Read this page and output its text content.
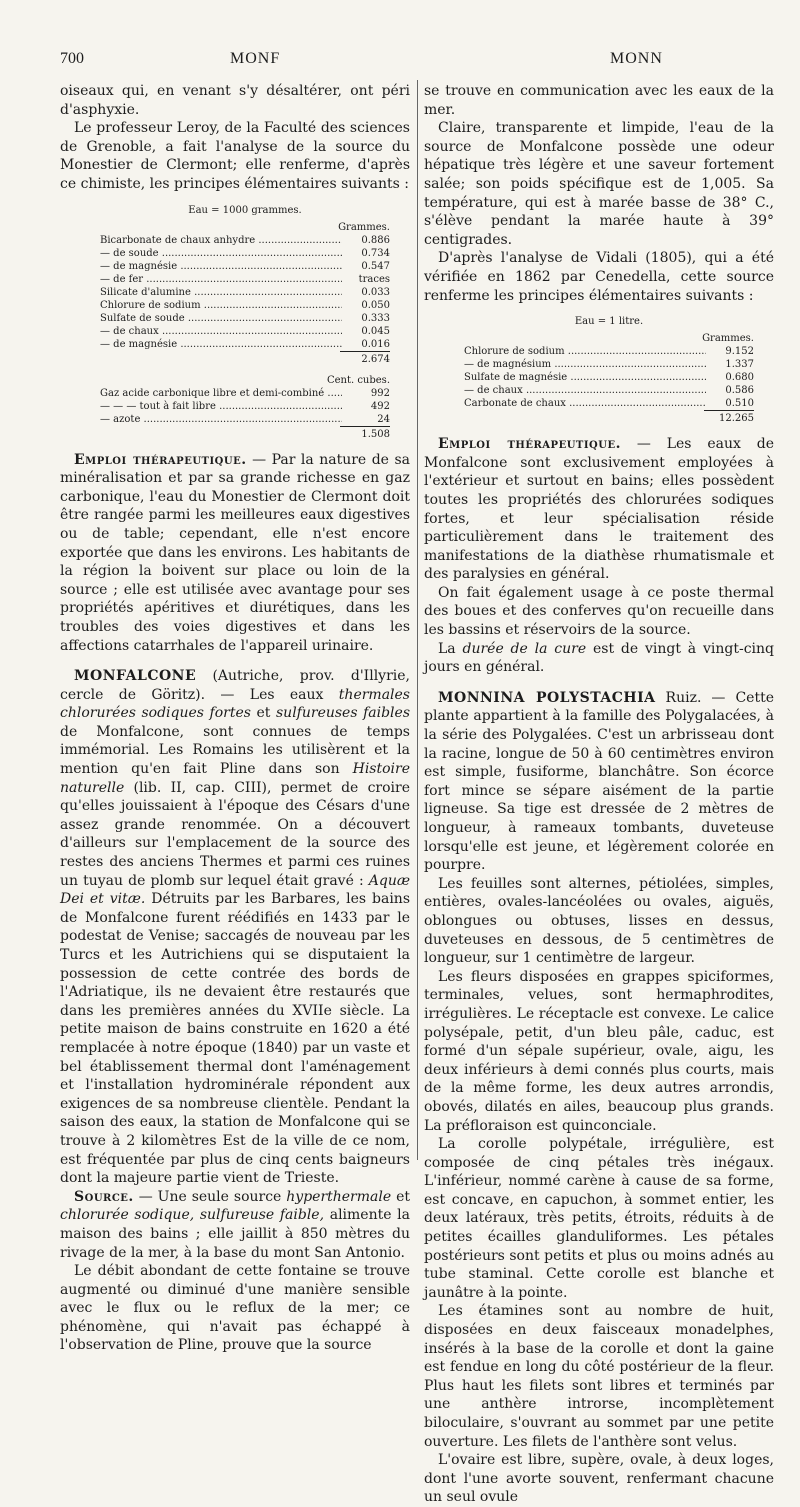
700	MONF	MONN

oiseaux qui, en venant s'y désaltérer, ont péri d'asphyxie.

Le professeur Leroy, de la Faculté des sciences de Grenoble, a fait l'analyse de la source du Monestier de Clermont; elle renferme, d'après ce chimiste, les principes élémentaires suivants :

Eau = 1000 grammes.
Grammes.
Bicarbonate de chaux anhydre .....	0.886
— de soude .....	0.734
— de magnésie .....	0.547
— de fer .....	traces
Silicate d'alumine .....	0.033
Chlorure de sodium .....	0.050
Sulfate de soude .....	0.333
— de chaux .....	0.045
— de magnésie .....	0.016
2.674
Cent. cubes.
Gaz acide carbonique libre et demi-combiné .....	992
— — — tout à fait libre .....	492
— azote .....	24
1.508

Emploi thérapeutique. — Par la nature de sa minéralisation et par sa grande richesse en gaz carbonique, l'eau du Monestier de Clermont doit être rangée parmi les meilleures eaux digestives ou de table; cependant, elle n'est encore exportée que dans les environs. Les habitants de la région la boivent sur place ou loin de la source ; elle est utilisée avec avantage pour ses propriétés apéritives et diurétiques, dans les troubles des voies digestives et dans les affections catarrhales de l'appareil urinaire.

MONFALCONE (Autriche, prov. d'Illyrie, cercle de Göritz). — Les eaux thermales chlorurées sodiques fortes et sulfureuses faibles de Monfalcone, sont connues de temps immémorial. Les Romains les utilisèrent et la mention qu'en fait Pline dans son Histoire naturelle (lib. II, cap. CIII), permet de croire qu'elles jouissaient à l'époque des Césars d'une assez grande renommée. On a découvert d'ailleurs sur l'emplacement de la source des restes des anciens Thermes et parmi ces ruines un tuyau de plomb sur lequel était gravé : Aquæ Dei et vitæ. Détruits par les Barbares, les bains de Monfalcone furent réédifiés en 1433 par le podestat de Venise; saccagés de nouveau par les Turcs et les Autrichiens qui se disputaient la possession de cette contrée des bords de l'Adriatique, ils ne devaient être restaurés que dans les premières années du XVIIe siècle. La petite maison de bains construite en 1620 a été remplacée à notre époque (1840) par un vaste et bel établissement thermal dont l'aménagement et l'installation hydrominérale répondent aux exigences de sa nombreuse clientèle. Pendant la saison des eaux, la station de Monfalcone qui se trouve à 2 kilomètres Est de la ville de ce nom, est fréquentée par plus de cinq cents baigneurs dont la majeure partie vient de Trieste.

Source. — Une seule source hyperthermale et chlorurée sodique, sulfureuse faible, alimente la maison des bains ; elle jaillit à 850 mètres du rivage de la mer, à la base du mont San Antonio.

Le débit abondant de cette fontaine se trouve augmenté ou diminué d'une manière sensible avec le flux ou le reflux de la mer; ce phénomène, qui n'avait pas échappé à l'observation de Pline, prouve que la source

se trouve en communication avec les eaux de la mer.

Claire, transparente et limpide, l'eau de la source de Monfalcone possède une odeur hépatique très légère et une saveur fortement salée; son poids spécifique est de 1,005. Sa température, qui est à marée basse de 38° C., s'élève pendant la marée haute à 39° centigrades.

D'après l'analyse de Vidali (1805), qui a été vérifiée en 1862 par Cenedella, cette source renferme les principes élémentaires suivants :

Eau = 1 litre.
Grammes.
Chlorure de sodium .....	9.152
— de magnésium .....	1.337
Sulfate de magnésie .....	0.680
— de chaux .....	0.586
Carbonate de chaux .....	0.510
12.265

Emploi thérapeutique. — Les eaux de Monfalcone sont exclusivement employées à l'extérieur et surtout en bains; elles possèdent toutes les propriétés des chlorurées sodiques fortes, et leur spécialisation réside particulièrement dans le traitement des manifestations de la diathèse rhumatismale et des paralysies en général.

On fait également usage à ce poste thermal des boues et des conferves qu'on recueille dans les bassins et réservoirs de la source.

La durée de la cure est de vingt à vingt-cinq jours en général.

MONNINA POLYSTACHIA Ruiz. — Cette plante appartient à la famille des Polygalacées, à la série des Polygalées. C'est un arbrisseau dont la racine, longue de 50 à 60 centimètres environ est simple, fusiforme, blanchâtre. Son écorce fort mince se sépare aisément de la partie ligneuse. Sa tige est dressée de 2 mètres de longueur, à rameaux tombants, duveteuse lorsqu'elle est jeune, et légèrement colorée en pourpre.

Les feuilles sont alternes, pétiolées, simples, entières, ovales-lancéolées ou ovales, aiguës, oblongues ou obtuses, lisses en dessus, duveteuses en dessous, de 5 centimètres de longueur, sur 1 centimètre de largeur.

Les fleurs disposées en grappes spiciformes, terminales, velues, sont hermaphrodites, irrégulières. Le réceptacle est convexe. Le calice polysépale, petit, d'un bleu pâle, caduc, est formé d'un sépale supérieur, ovale, aigu, les deux inférieurs à demi connés plus courts, mais de la même forme, les deux autres arrondis, obovés, dilatés en ailes, beaucoup plus grands. La préfloraison est quinconciale.

La corolle polypétale, irrégulière, est composée de cinq pétales très inégaux. L'inférieur, nommé carène à cause de sa forme, est concave, en capuchon, à sommet entier, les deux latéraux, très petits, étroits, réduits à de petites écailles glanduliformes. Les pétales postérieurs sont petits et plus ou moins adnés au tube staminal. Cette corolle est blanche et jaunâtre à la pointe.

Les étamines sont au nombre de huit, disposées en deux faisceaux monadelphes, insérés à la base de la corolle et dont la gaine est fendue en long du côté postérieur de la fleur. Plus haut les filets sont libres et terminés par une anthère introrse, incomplètement biloculaire, s'ouvrant au sommet par une petite ouverture. Les filets de l'anthère sont velus.

L'ovaire est libre, supère, ovale, à deux loges, dont l'une avorte souvent, renfermant chacune un seul ovule
